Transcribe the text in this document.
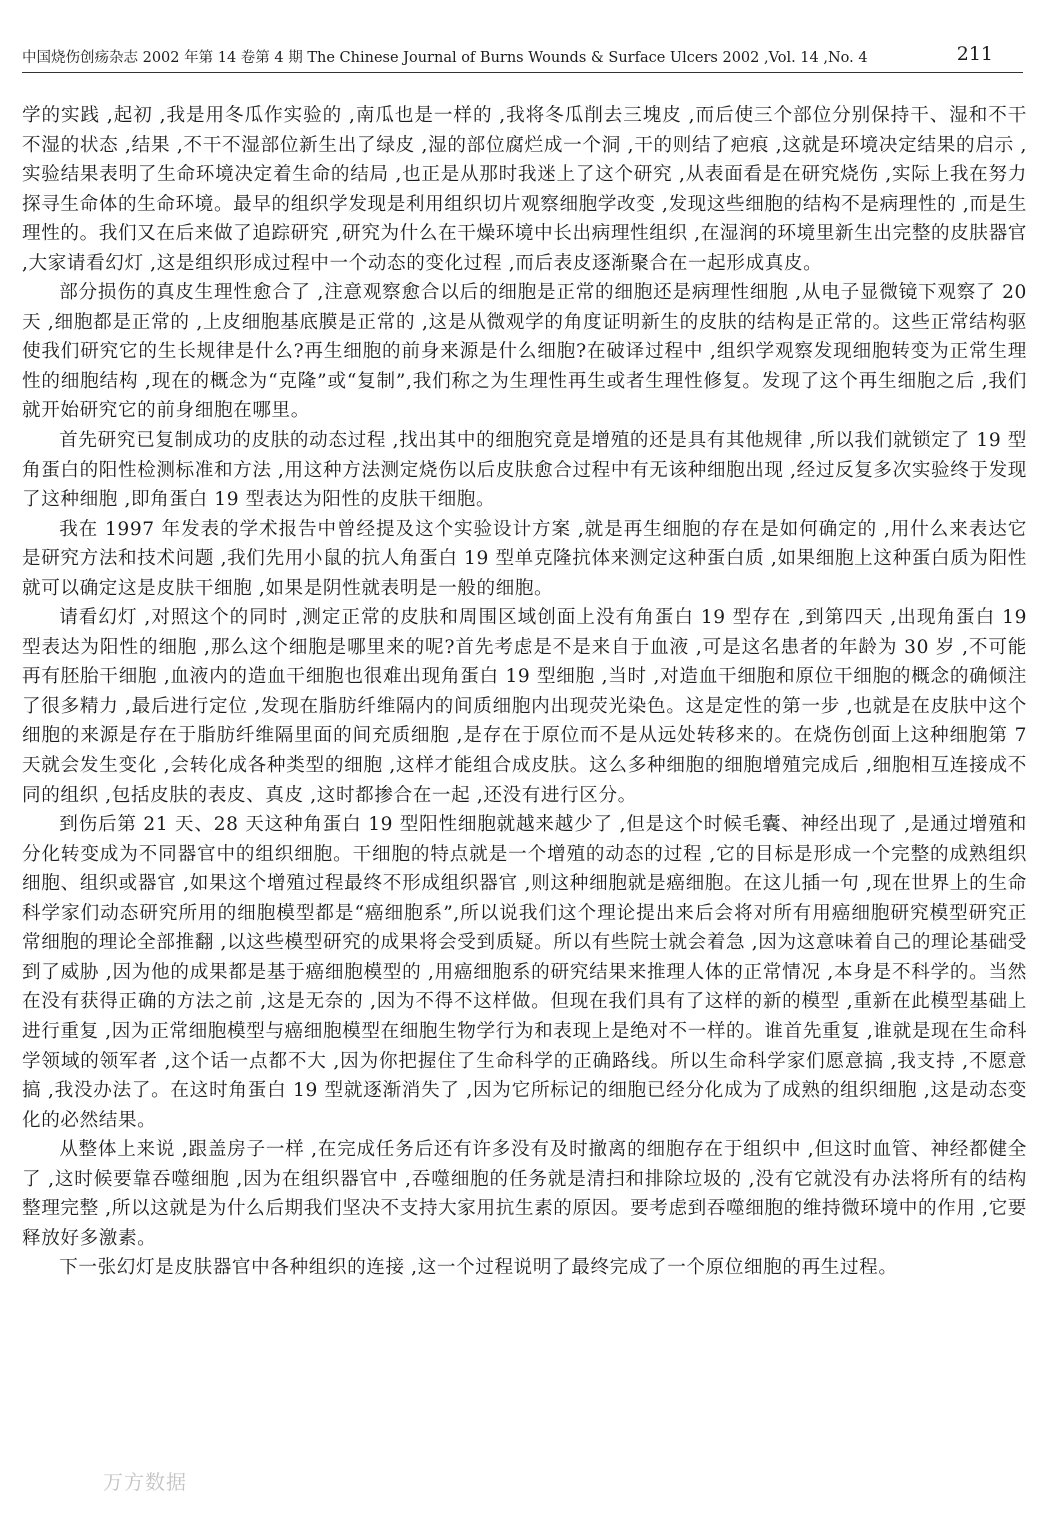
中国烧伤创疡杂志 2002 年第 14 卷第 4 期 The Chinese Journal of Burns Wounds & Surface Ulcers 2002 ,Vol. 14 ,No. 4	211

学的实践 ,起初 ,我是用冬瓜作实验的 ,南瓜也是一样的 ,我将冬瓜削去三塊皮 ,而后使三个部位分别保持干、湿和不干不湿的状态 ,结果 ,不干不湿部位新生出了绿皮 ,湿的部位腐烂成一个洞 ,干的则结了疤痕 ,这就是环境决定结果的启示 ,实验结果表明了生命环境决定着生命的结局 ,也正是从那时我迷上了这个研究 ,从表面看是在研究烧伤 ,实际上我在努力探寻生命体的生命环境。最早的组织学发现是利用组织切片观察细胞学改变 ,发现这些细胞的结构不是病理性的 ,而是生理性的。我们又在后来做了追踪研究 ,研究为什么在干燥环境中长出病理性组织 ,在湿润的环境里新生出完整的皮肤器官 ,大家请看幻灯 ,这是组织形成过程中一个动态的变化过程 ,而后表皮逐渐聚合在一起形成真皮。

部分损伤的真皮生理性愈合了 ,注意观察愈合以后的细胞是正常的细胞还是病理性细胞 ,从电子显微镜下观察了 20 天 ,细胞都是正常的 ,上皮细胞基底膜是正常的 ,这是从微观学的角度证明新生的皮肤的结构是正常的。这些正常结构驱使我们研究它的生长规律是什么?再生细胞的前身来源是什么细胞?在破译过程中 ,组织学观察发现细胞转变为正常生理性的细胞结构 ,现在的概念为“克隆”或“复制”,我们称之为生理性再生或者生理性修复。发现了这个再生细胞之后 ,我们就开始研究它的前身细胞在哪里。

首先研究已复制成功的皮肤的动态过程 ,找出其中的细胞究竟是增殖的还是具有其他规律 ,所以我们就锁定了 19 型角蛋白的阳性检测标准和方法 ,用这种方法测定烧伤以后皮肤愈合过程中有无该种细胞出现 ,经过反复多次实验终于发现了这种细胞 ,即角蛋白 19 型表达为阳性的皮肤干细胞。

我在 1997 年发表的学术报告中曾经提及这个实验设计方案 ,就是再生细胞的存在是如何确定的 ,用什么来表达它是研究方法和技术问题 ,我们先用小鼠的抗人角蛋白 19 型单克隆抗体来测定这种蛋白质 ,如果细胞上这种蛋白质为阳性就可以确定这是皮肤干细胞 ,如果是阴性就表明是一般的细胞。

请看幻灯 ,对照这个的同时 ,测定正常的皮肤和周围区域创面上没有角蛋白 19 型存在 ,到第四天 ,出现角蛋白 19 型表达为阳性的细胞 ,那么这个细胞是哪里来的呢?首先考虑是不是来自于血液 ,可是这名患者的年龄为 30 岁 ,不可能再有胚胎干细胞 ,血液内的造血干细胞也很难出现角蛋白 19 型细胞 ,当时 ,对造血干细胞和原位干细胞的概念的确倾注了很多精力 ,最后进行定位 ,发现在脂肪纤维隔内的间质细胞内出现荧光染色。这是定性的第一步 ,也就是在皮肤中这个细胞的来源是存在于脂肪纤维隔里面的间充质细胞 ,是存在于原位而不是从远处转移来的。在烧伤创面上这种细胞第 7 天就会发生变化 ,会转化成各种类型的细胞 ,这样才能组合成皮肤。这么多种细胞的细胞增殖完成后 ,细胞相互连接成不同的组织 ,包括皮肤的表皮、真皮 ,这时都掺合在一起 ,还没有进行区分。

到伤后第 21 天、28 天这种角蛋白 19 型阳性细胞就越来越少了 ,但是这个时候毛囊、神经出现了 ,是通过增殖和分化转变成为不同器官中的组织细胞。干细胞的特点就是一个增殖的动态的过程 ,它的目标是形成一个完整的成熟组织细胞、组织或器官 ,如果这个增殖过程最终不形成组织器官 ,则这种细胞就是癌细胞。在这儿插一句 ,现在世界上的生命科学家们动态研究所用的细胞模型都是“癌细胞系”,所以说我们这个理论提出来后会将对所有用癌细胞研究模型研究正常细胞的理论全部推翻 ,以这些模型研究的成果将会受到质疑。所以有些院士就会着急 ,因为这意味着自己的理论基础受到了威胁 ,因为他的成果都是基于癌细胞模型的 ,用癌细胞系的研究结果来推理人体的正常情况 ,本身是不科学的。当然在没有获得正确的方法之前 ,这是无奈的 ,因为不得不这样做。但现在我们具有了这样的新的模型 ,重新在此模型基础上进行重复 ,因为正常细胞模型与癌细胞模型在细胞生物学行为和表现上是绝对不一样的。谁首先重复 ,谁就是现在生命科学领域的领军者 ,这个话一点都不大 ,因为你把握住了生命科学的正确路线。所以生命科学家们愿意搞 ,我支持 ,不愿意搞 ,我没办法了。在这时角蛋白 19 型就逐渐消失了 ,因为它所标记的细胞已经分化成为了成熟的组织细胞 ,这是动态变化的必然结果。

从整体上来说 ,跟盖房子一样 ,在完成任务后还有许多没有及时撤离的细胞存在于组织中 ,但这时血管、神经都健全了 ,这时候要靠吞噬细胞 ,因为在组织器官中 ,吞噬细胞的任务就是清扫和排除垃圾的 ,没有它就没有办法将所有的结构整理完整 ,所以这就是为什么后期我们坚决不支持大家用抗生素的原因。要考虑到吞噬细胞的维持微环境中的作用 ,它要释放好多激素。

下一张幻灯是皮肤器官中各种组织的连接 ,这一个过程说明了最终完成了一个原位细胞的再生过程。

万方数据
